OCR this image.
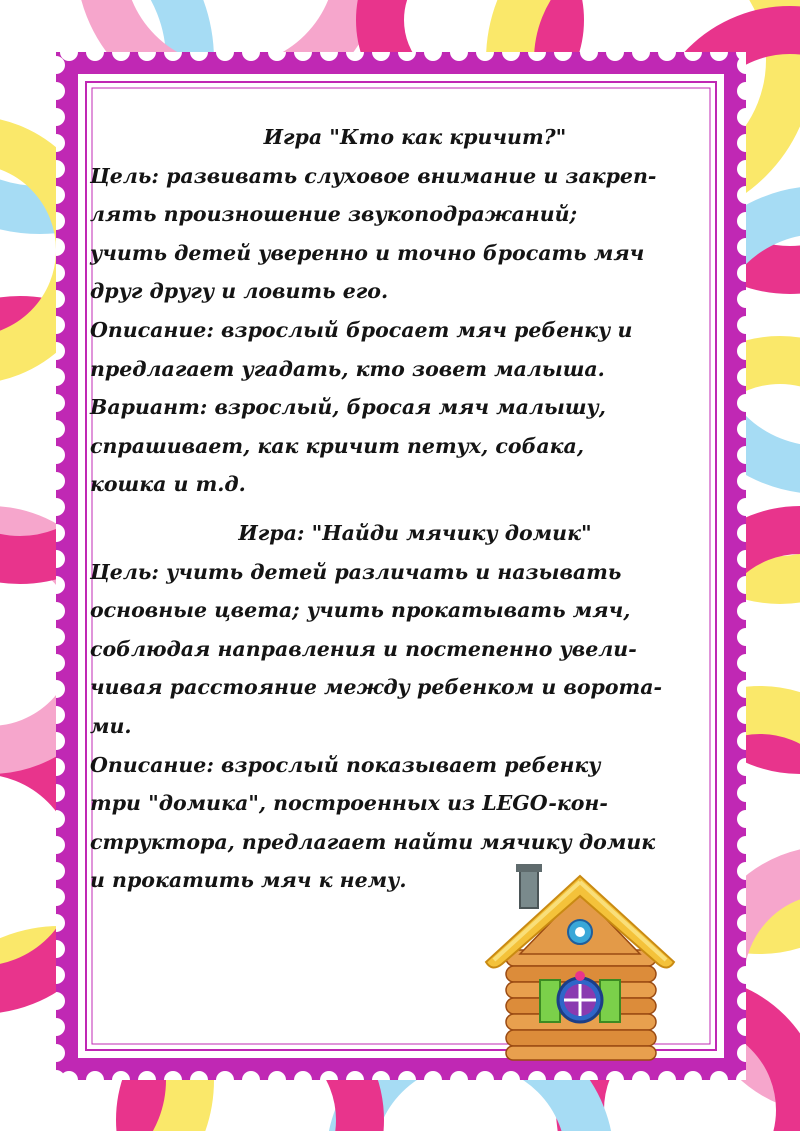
Игра "Кто как кричит?"

Цель: развивать слуховое внимание и закреп-
лять произношение звукоподражаний;
учить детей уверенно и точно бросать мяч
друг другу и ловить его.

Описание: взрослый бросает мяч ребенку и
предлагает угадать, кто зовет малыша.

Вариант: взрослый, бросая мяч малышу,
спрашивает, как кричит петух, собака,
кошка и т.д.

Игра: "Найди мячику домик"

Цель: учить детей различать и называть
основные цвета; учить прокатывать мяч,
соблюдая направления и постепенно увели-
чивая расстояние между ребенком и ворота-
ми.

Описание: взрослый показывает ребенку
три "домика", построенных из LEGO-кон-
структора, предлагает найти мячику домик
и прокатить мяч к нему.
